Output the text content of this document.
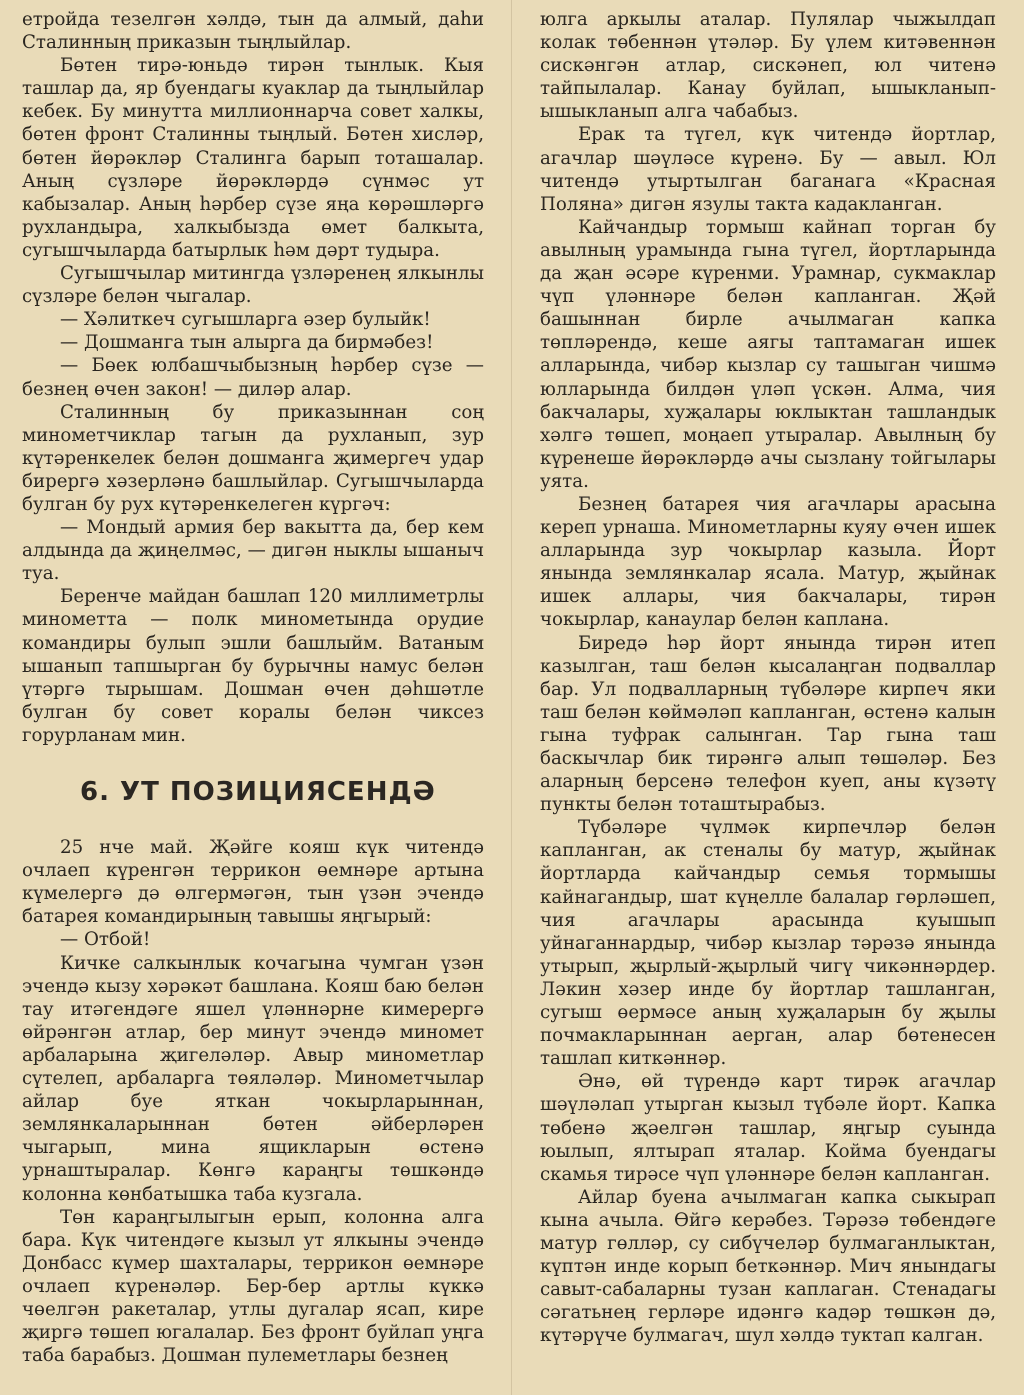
етройда тезелгән хәлдә, тын да алмый, даһи Сталинның приказын тыңлыйлар.

Бөтен тирә-юньдә тирән тынлык. Кыя ташлар да, яр буендагы куаклар да тыңлыйлар кебек. Бу минутта миллионнарча совет халкы, бөтен фронт Сталинны тыңлый. Бөтен хисләр, бөтен йөрәкләр Сталинга барып тоташалар. Аның сүзләре йөрәкләрдә сүнмәс ут кабызалар. Аның һәрбер сүзе яңа көрәшләргә рухландыра, халкыбызда өмет балкыта, сугышчыларда батырлык һәм дәрт тудыра.

Сугышчылар митингда үзләренең ялкынлы сүзләре белән чыгалар.

— Хәлиткеч сугышларга әзер булыйк!

— Дошманга тын алырга да бирмәбез!

— Бөек юлбашчыбызның һәрбер сүзе — безнең өчен закон! — диләр алар.

Сталинның бу приказыннан соң минометчиклар тагын да рухланып, зур күтәренкелек белән дошманга җимергеч удар бирергә хәзерләнә башлыйлар. Сугышчыларда булган бу рух күтәренкелеген күргәч:

— Мондый армия бер вакытта да, бер кем алдында да җиңелмәс, — дигән ныклы ышаныч туа.

Беренче майдан башлап 120 миллиметрлы минометта — полк минометында орудие командиры булып эшли башлыйм. Ватаным ышанып тапшырган бу бурычны намус белән үтәргә тырышам. Дошман өчен дәһшәтле булган бу совет коралы белән чиксез горурланам мин.

6. УТ ПОЗИЦИЯСЕНДӘ

25 нче май. Җәйге кояш күк читендә очлаеп күренгән террикон өемнәре артына күмелергә дә өлгермәгән, тын үзән эчендә батарея командирының тавышы яңгырый:

— Отбой!

Кичке салкынлык кочагына чумган үзән эчендә кызу хәрәкәт башлана. Кояш баю белән тау итәгендәге яшел үләннәрне кимерергә өйрәнгән атлар, бер минут эчендә миномет арбаларына җигеләләр. Авыр минометлар сүтелеп, арбаларга төяләләр. Минометчылар айлар буе яткан чокырларыннан, землянкаларыннан бөтен әйберләрен чыгарып, мина ящикларын өстенә урнаштыралар. Көнгә караңгы төшкәндә колонна көнбатышка таба кузгала.

Төн караңгылыгын ерып, колонна алга бара. Күк читендәге кызыл ут ялкыны эчендә Донбасс күмер шахталары, террикон өемнәре очлаеп күренәләр. Бер-бер артлы күккә чөелгән ракеталар, утлы дугалар ясап, кире җиргә төшеп югалалар. Без фронт буйлап уңга таба барабыз. Дошман пулеметлары безнең

юлга аркылы аталар. Пулялар чыжылдап колак төбеннән үтәләр. Бу үлем китәвеннән сискәнгән атлар, сискәнеп, юл читенә тайпылалар. Канау буйлап, ышыкланып-ышыкланып алга чабабыз.

Ерак та түгел, күк читендә йортлар, агачлар шәүләсе күренә. Бу — авыл. Юл читендә утыртылган баганага «Красная Поляна» дигән язулы такта кадакланган.

Кайчандыр тормыш кайнап торган бу авылның урамында гына түгел, йортларында да җан әсәре күренми. Урамнар, сукмаклар чүп үләннәре белән капланган. Җәй башыннан бирле ачылмаган капка төпләрендә, кеше аягы таптамаган ишек алларында, чибәр кызлар су ташыган чишмә юлларында билдән үләп үскән. Алма, чия бакчалары, хуҗалары юклыктан ташландык хәлгә төшеп, моңаеп утыралар. Авылның бу күренеше йөрәкләрдә ачы сызлану тойгылары уята.

Безнең батарея чия агачлары арасына кереп урнаша. Минометларны куяу өчен ишек алларында зур чокырлар казыла. Йорт янында землянкалар ясала. Матур, җыйнак ишек аллары, чия бакчалары, тирән чокырлар, канаулар белән каплана.

Биредә һәр йорт янында тирән итеп казылган, таш белән кысалаңган подваллар бар. Ул подвалларның түбәләре кирпеч яки таш белән көймәләп капланган, өстенә калын гына туфрак салынган. Тар гына таш баскычлар бик тирәнгә алып төшәләр. Без аларның берсенә телефон куеп, аны күзәтү пункты белән тоташтырабыз.

Түбәләре чүлмәк кирпечләр белән капланган, ак стеналы бу матур, җыйнак йортларда кайчандыр семья тормышы кайнагандыр, шат күңелле балалар гөрләшеп, чия агачлары арасында куышып уйнаганнардыр, чибәр кызлар тәрәзә янында утырып, җырлый-җырлый чигү чикәннәрдер. Ләкин хәзер инде бу йортлар ташланган, сугыш өермәсе аның хуҗаларын бу җылы почмакларыннан аерган, алар бөтенесен ташлап киткәннәр.

Әнә, өй түрендә карт тирәк агачлар шәүләлап утырган кызыл түбәле йорт. Капка төбенә җәелгән ташлар, яңгыр суында юылып, ялтырап яталар. Койма буендагы скамья тирәсе чүп үләннәре белән капланган.

Айлар буена ачылмаган капка сыкырап кына ачыла. Өйгә керәбез. Тәрәзә төбендәге матур гөлләр, су сибүчеләр булмаганлыктан, күптән инде корып беткәннәр. Мич янындагы савыт-сабаларны тузан каплаган. Стенадагы сәгатьнең герләре идәнгә кадәр төшкән дә, күтәрүче булмагач, шул хәлдә туктап калган.
